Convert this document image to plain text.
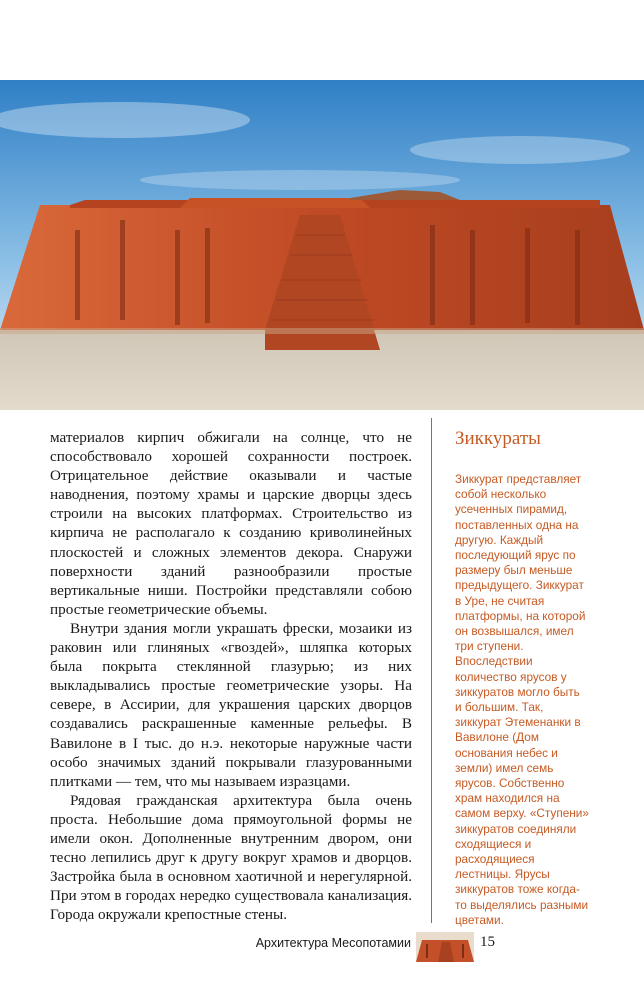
материалов кирпич обжигали на солнце, что не способствовало хорошей сохранности построек. Отрицательное действие оказывали и частые наводнения, поэтому храмы и царские дворцы здесь строили на высоких платформах. Строительство из кирпича не располагало к созданию криволинейных плоскостей и сложных элементов декора. Снаружи поверхности зданий разнообразили простые вертикальные ниши. Постройки представляли собою простые геометрические объемы.

Внутри здания могли украшать фрески, мозаики из раковин или глиняных «гвоздей», шляпка которых была покрыта стеклянной глазурью; из них выкладывались простые геометрические узоры. На севере, в Ассирии, для украшения царских дворцов создавались раскрашенные каменные рельефы. В Вавилоне в I тыс. до н.э. некоторые наружные части особо значимых зданий покрывали глазурованными плитками — тем, что мы называем изразцами.

Рядовая гражданская архитектура была очень проста. Небольшие дома прямоугольной формы не имели окон. Дополненные внутренним двором, они тесно лепились друг к другу вокруг храмов и дворцов. Застройка была в основном хаотичной и нерегулярной. При этом в городах нередко существовала канализация. Города окружали крепостные стены.

Зиккураты
Зиккурат представляет собой несколько усеченных пирамид, поставленных одна на другую. Каждый последующий ярус по размеру был меньше предыдущего. Зиккурат в Уре, не считая платформы, на которой он возвышался, имел три ступени. Впоследствии количество ярусов у зиккуратов могло быть и большим. Так, зиккурат Этеменанки в Вавилоне (Дом основания небес и земли) имел семь ярусов. Собственно храм находился на самом верху. «Ступени» зиккуратов соединяли сходящиеся и расходящиеся лестницы. Ярусы зиккуратов тоже когда-то выделялись разными цветами.
Архитектура Месопотамии	15
